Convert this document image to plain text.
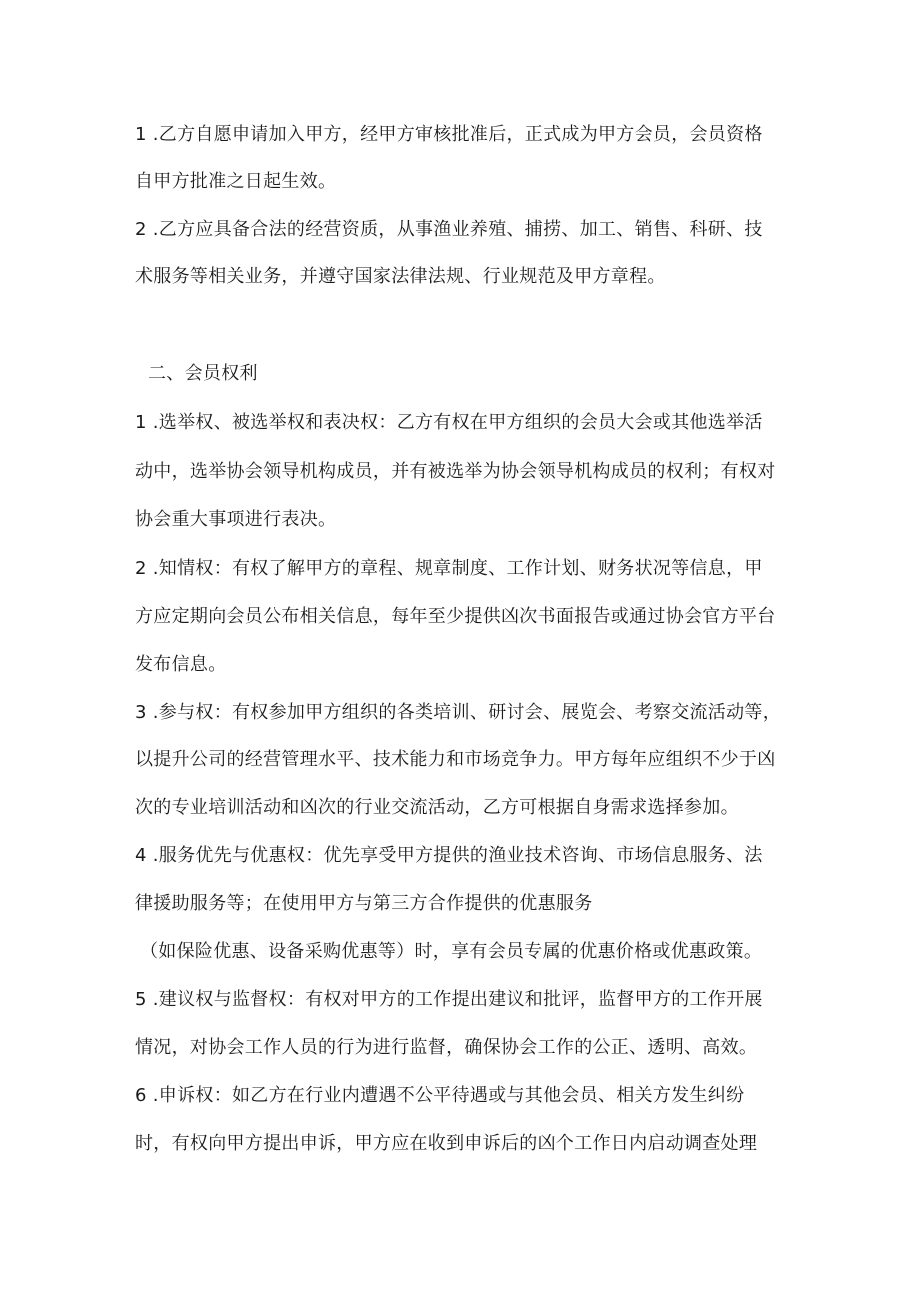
1 .乙方自愿申请加入甲方，经甲方审核批准后，正式成为甲方会员，会员资格
自甲方批准之日起生效。
2 .乙方应具备合法的经营资质，从事渔业养殖、捕捞、加工、销售、科研、技
术服务等相关业务，并遵守国家法律法规、行业规范及甲方章程。
二、会员权利
1 .选举权、被选举权和表决权：乙方有权在甲方组织的会员大会或其他选举活
动中，选举协会领导机构成员，并有被选举为协会领导机构成员的权利；有权对
协会重大事项进行表决。
2 .知情权：有权了解甲方的章程、规章制度、工作计划、财务状况等信息，甲
方应定期向会员公布相关信息，每年至少提供凶次书面报告或通过协会官方平台
发布信息。
3 .参与权：有权参加甲方组织的各类培训、研讨会、展览会、考察交流活动等，
以提升公司的经营管理水平、技术能力和市场竞争力。甲方每年应组织不少于凶
次的专业培训活动和凶次的行业交流活动，乙方可根据自身需求选择参加。
4 .服务优先与优惠权：优先享受甲方提供的渔业技术咨询、市场信息服务、法
律援助服务等；在使用甲方与第三方合作提供的优惠服务
（如保险优惠、设备采购优惠等）时，享有会员专属的优惠价格或优惠政策。
5 .建议权与监督权：有权对甲方的工作提出建议和批评，监督甲方的工作开展
情况，对协会工作人员的行为进行监督，确保协会工作的公正、透明、高效。
6 .申诉权：如乙方在行业内遭遇不公平待遇或与其他会员、相关方发生纠纷
时，有权向甲方提出申诉，甲方应在收到申诉后的凶个工作日内启动调查处理
